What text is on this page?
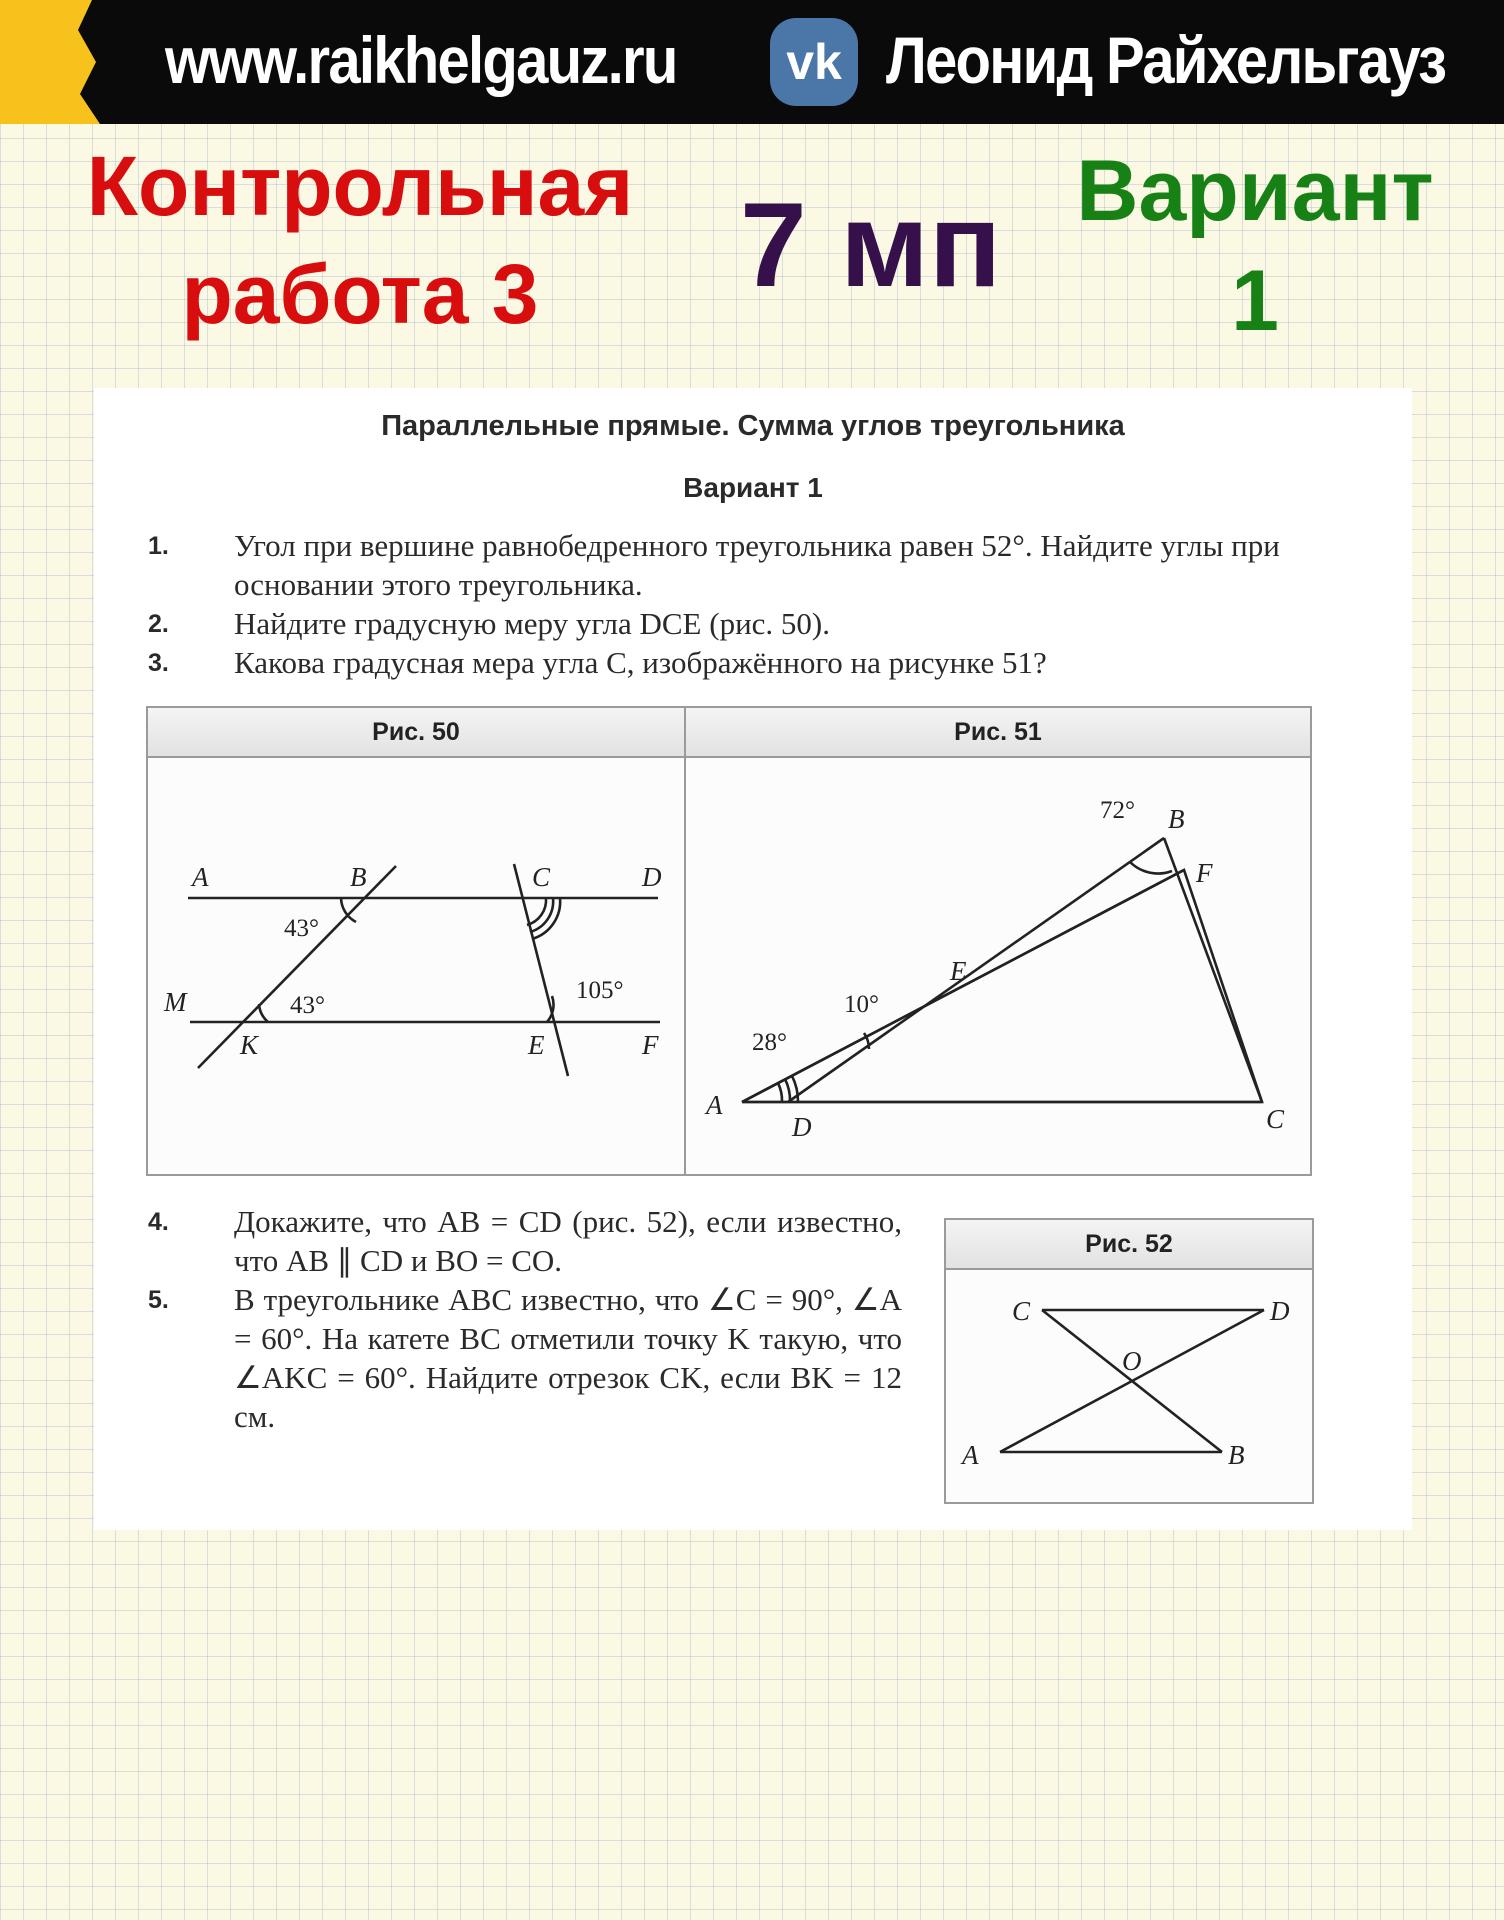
www.raikhelgauz.ru	vk Леонид Райхельгауз
Контрольная работа 3	7 мп Вариант 1
Параллельные прямые. Сумма углов треугольника
Вариант 1
1. Угол при вершине равнобедренного треугольника равен 52°. Найдите углы при основании этого треугольника.
2. Найдите градусную меру угла DCE (рис. 50).
3. Какова градусная мера угла C, изображённого на рисунке 51?
Рис. 50
A	B	C	D
M
K	E	F
43°
43°
105°
Рис. 51
A
B
C
D
E
F
72°
10°
28°
4. Докажите, что AB = CD (рис. 52), если известно, что AB ∥ CD и BO = CO.
5. В треугольнике ABC известно, что ∠C = 90°, ∠A = 60°. На катете BC отметили точку K такую, что ∠AKC = 60°. Найдите отрезок CK, если BK = 12 см.
Рис. 52
C	D
O
A	B
